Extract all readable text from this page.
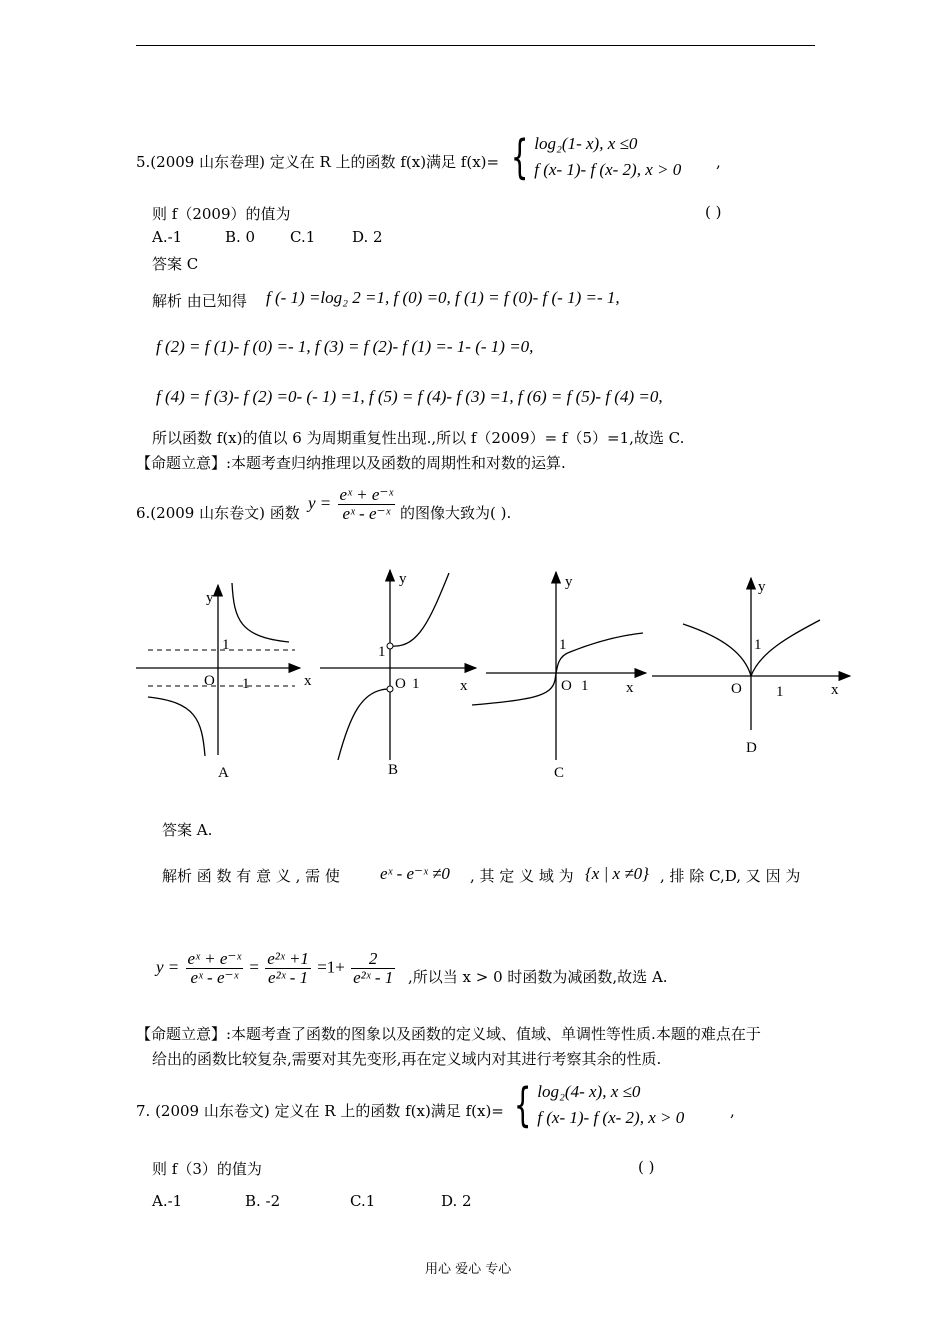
5.(2009 山东卷理) 定义在 R 上的函数 f(x)满足 f(x)= { log₂(1- x), x ≤0
f (x- 1)- f (x- 2), x > 0 ,
则 f（2009）的值为	( )
A.-1	B. 0 C.1 D. 2
答案 C
解析 由已知得 f (- 1) =log₂ 2 =1, f (0) =0, f (1) = f (0)- f (- 1) =- 1,
f (2) = f (1)- f (0) =- 1, f (3) = f (2)- f (1) =- 1- (- 1) =0,
f (4) = f (3)- f (2) =0- (- 1) =1, f (5) = f (4)- f (3) =1, f (6) = f (5)- f (4) =0,
所以函数 f(x)的值以 6 为周期重复性出现.,所以 f（2009）= f（5）=1,故选 C.
【命题立意】:本题考查归纳推理以及函数的周期性和对数的运算.
6.(2009 山东卷文) 函数
$y = \frac{\text{eˣ + e⁻ˣ}}{\text{eˣ - e⁻ˣ}}$ 的图像大致为( ).
y
x
1
O 1
A
y
x
1
O 1
B
y
x
1
O 1
C
y
x
1
O 1
D
答案 A.
解析 函 数 有 意 义 , 需 使 eˣ - e⁻ˣ ≠0 , 其 定 义 域 为 {x | x ≠0} , 排 除 C,D, 又 因 为
$y = \frac{\text{eˣ + e⁻ˣ}}{\text{eˣ - e⁻ˣ}} = \frac{\text{e²ˣ +1}}{\text{e²ˣ - 1}} =1+ \frac{2}{\text{e²ˣ - 1}}$ ,所以当 x > 0 时函数为减函数,故选 A.
【命题立意】:本题考查了函数的图象以及函数的定义域、值域、单调性等性质.本题的难点在于
给出的函数比较复杂,需要对其先变形,再在定义域内对其进行考察其余的性质.
7. (2009 山东卷文) 定义在 R 上的函数 f(x)满足 f(x)= { log₂(4- x), x ≤0
f (x- 1)- f (x- 2), x > 0	,
则 f（3）的值为	( )
A.-1	B. -2	C.1	D. 2
用心 爱心 专心
